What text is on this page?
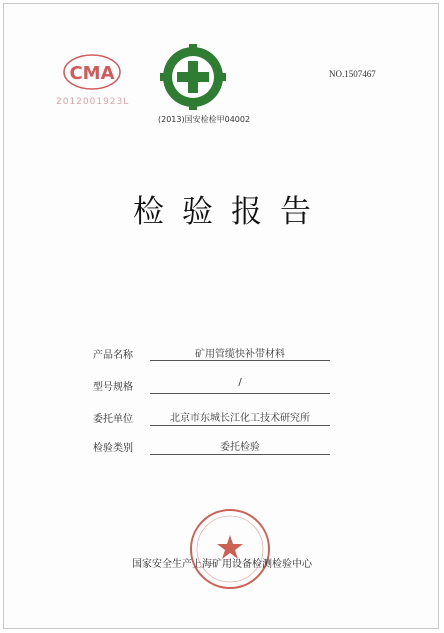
CMA
2012001923L
(2013)国安检检甲04002
NO.1507467
检验报告
产品名称	矿用管缆快补带材料
型号规格	/
委托单位	北京市东城长江化工技术研究所
检验类别	委托检验
国家安全生产上海矿用设备检测检验中心
